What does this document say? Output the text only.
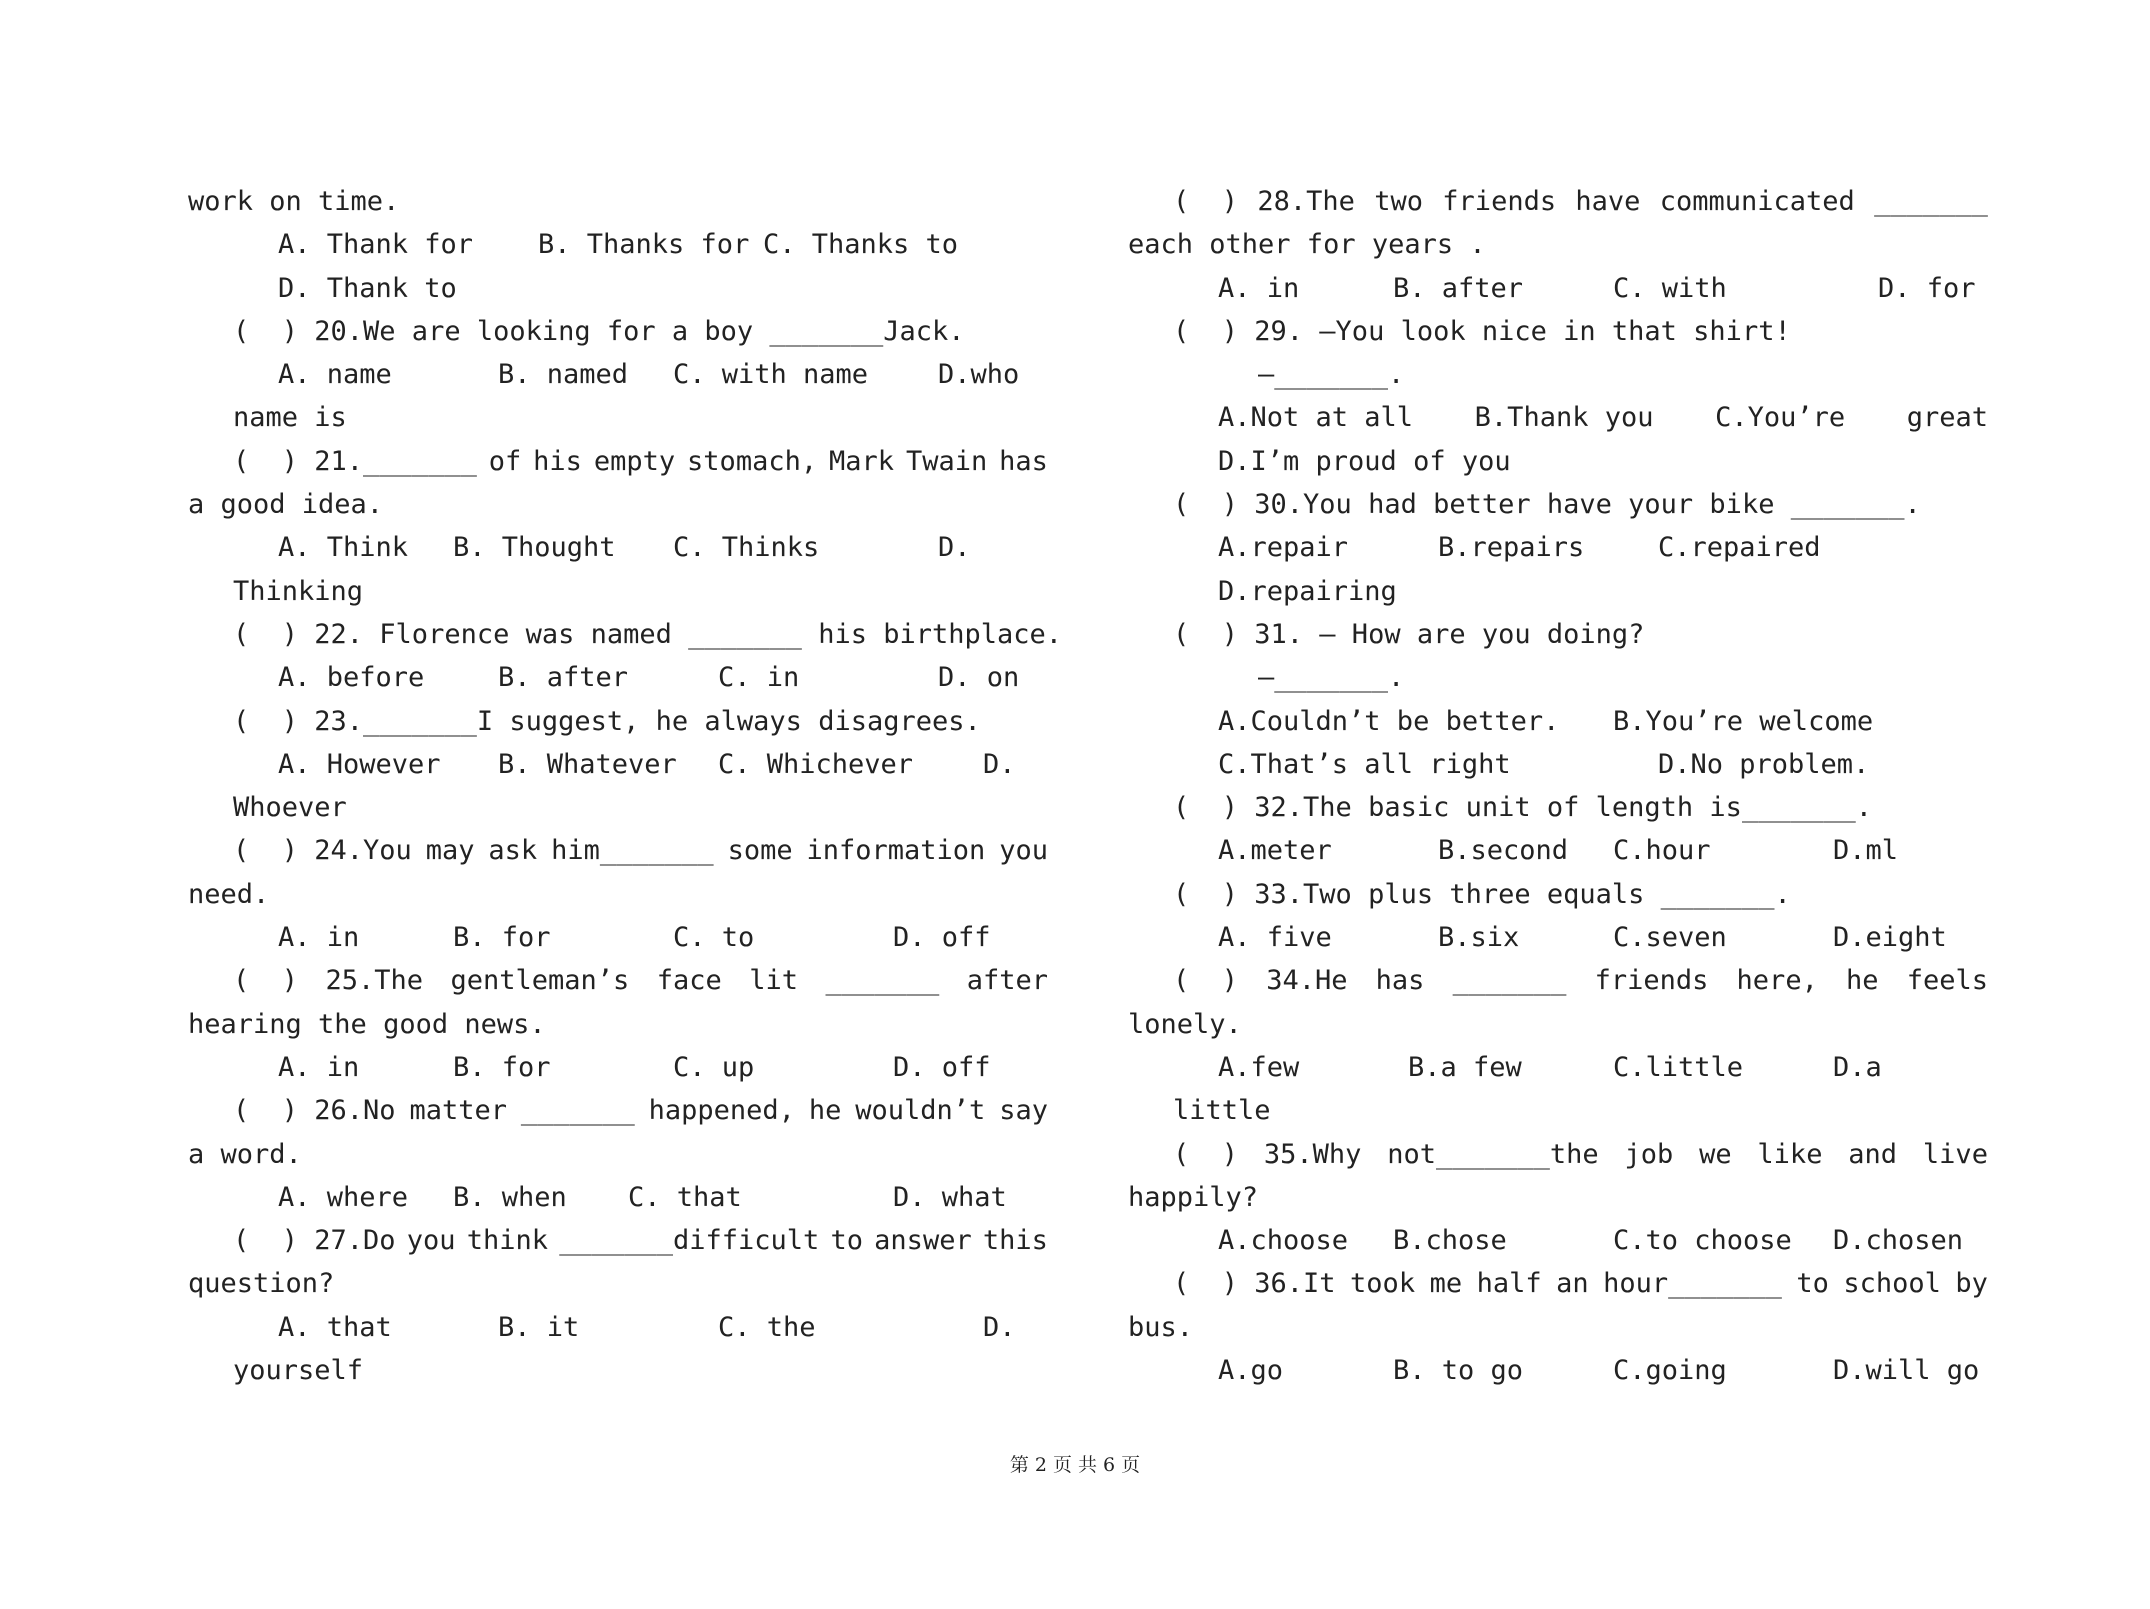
work on time.

A. Thank for

B. Thanks for

C. Thanks to

D. Thank to
(  ) 20.We are looking for a boy _______Jack.

A. name

	B. named

C. with name

	D.who

name is
(  ) 21._______ of his empty stomach, Mark Twain has
a good idea.

A. Think

B. Thought

C. Thinks

	D.

Thinking
(  ) 22. Florence was named _______ his birthplace.

A. before

	B. after

	C. in

	D. on

(  ) 23._______I suggest, he always disagrees.

A. However

B. Whatever

C. Whichever

	D.

Whoever
(  ) 24.You may ask him_______ some information you
need.

A. in

	B. for

	C. to

	D. off

(  ) 25.The gentleman’s face lit _______ after
hearing the good news.

A. in

	B. for

	C. up

	D. off

(  ) 26.No matter _______ happened, he wouldn’t say
a word.

A. where

B. when

C. that

	D. what

(  ) 27.Do you think _______difficult to answer this
question?

A. that

	B. it

	C. the

	D.

yourself
(  ) 28.The two friends have communicated _______
each other for years .

A. in

	B. after

	C. with

	D. for

(  ) 29. —You look nice in that shirt!
—_______.
A.Not at all B.Thank you C.You’re great
D.I’m proud of you
(  ) 30.You had better have your bike _______.

A.repair

	B.repairs

	C.repaired

D.repairing
(  ) 31. — How are you doing?
—_______.

A.Couldn’t be better.

B.You’re welcome

C.That’s all right

	D.No problem.

(  ) 32.The basic unit of length is_______.

A.meter

	B.second

C.hour

	D.ml

(  ) 33.Two plus three equals _______.

A. five

	B.six

	C.seven

	D.eight

(  ) 34.He has _______ friends here, he feels
lonely.

A.few

	B.a few

	C.little

	D.a

little
(  ) 35.Why not_______the job we like and live
happily?

A.choose

B.chose

	C.to choose

D.chosen

(  ) 36.It took me half an hour_______ to school by
bus.

A.go

	B. to go

	C.going

	D.will go

第 2 页 共 6 页
